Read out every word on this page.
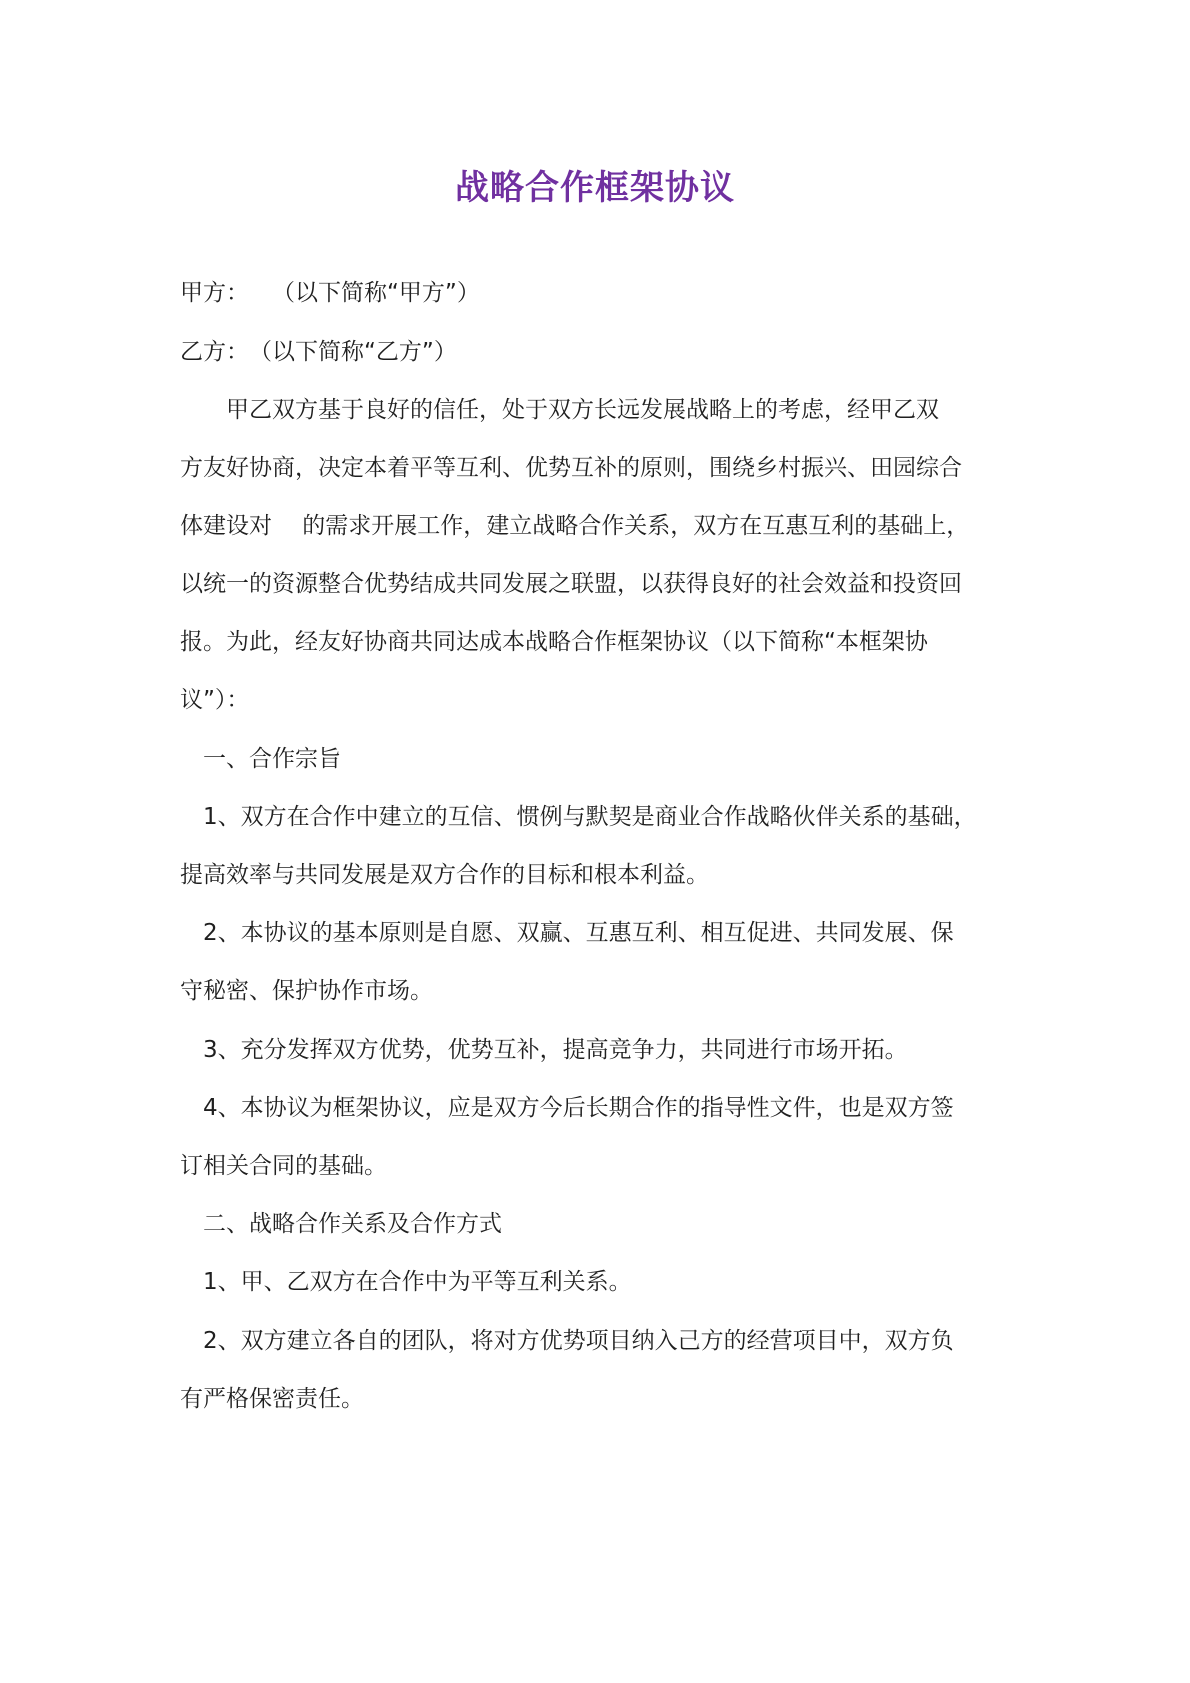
战略合作框架协议
甲方：　　（以下简称“甲方”）
乙方：　（以下简称“乙方”）
　　甲乙双方基于良好的信任，处于双方长远发展战略上的考虑，经甲乙双
方友好协商，决定本着平等互利、优势互补的原则，围绕乡村振兴、田园综合
体建设对　 的需求开展工作，建立战略合作关系，双方在互惠互利的基础上，
以统一的资源整合优势结成共同发展之联盟，以获得良好的社会效益和投资回
报。为此，经友好协商共同达成本战略合作框架协议（以下简称“本框架协
议”）：
　一、合作宗旨
　1、双方在合作中建立的互信、惯例与默契是商业合作战略伙伴关系的基础，
提高效率与共同发展是双方合作的目标和根本利益。
　2、本协议的基本原则是自愿、双赢、互惠互利、相互促进、共同发展、保
守秘密、保护协作市场。
　3、充分发挥双方优势，优势互补，提高竞争力，共同进行市场开拓。
　4、本协议为框架协议，应是双方今后长期合作的指导性文件，也是双方签
订相关合同的基础。
　二、战略合作关系及合作方式
　1、甲、乙双方在合作中为平等互利关系。
　2、双方建立各自的团队，将对方优势项目纳入己方的经营项目中，双方负
有严格保密责任。
